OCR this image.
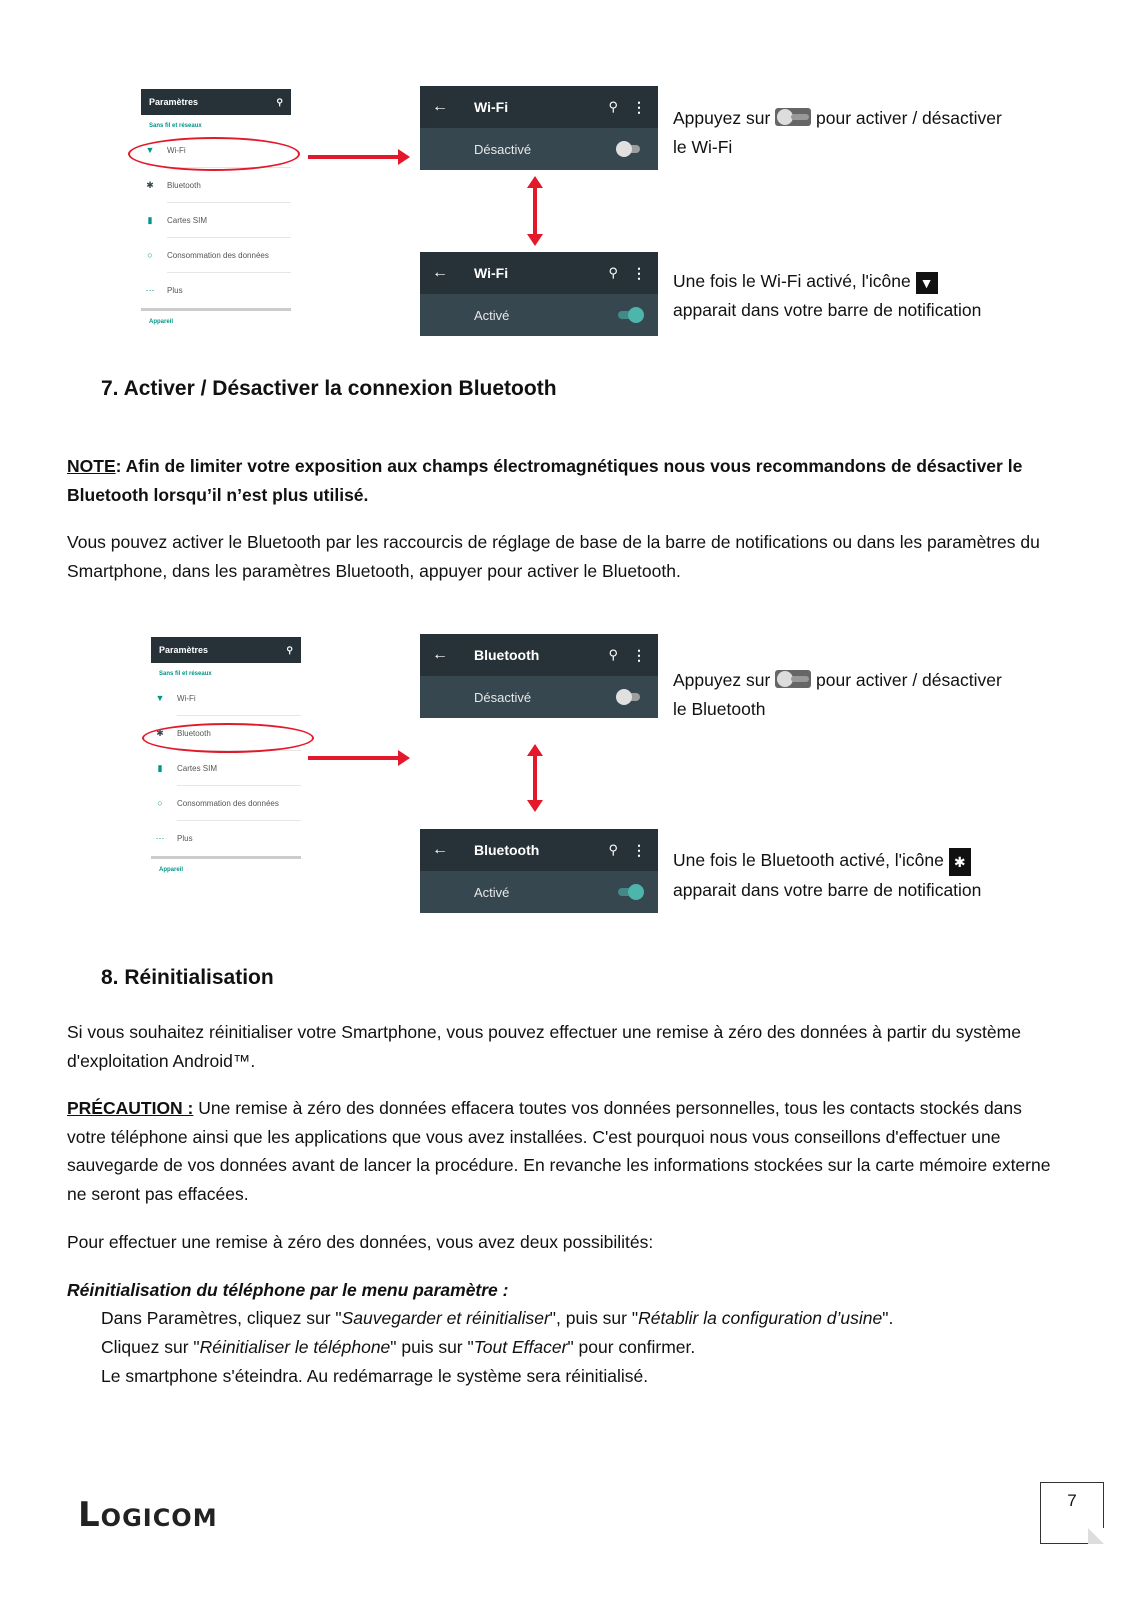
Paramètres	⚲
Sans fil et réseaux
▼ Wi-Fi
✱ Bluetooth
▮	Cartes SIM
○ Consommation des données
⋯ Plus
Appareil
← Wi-Fi	⚲ ⋮
Désactivé
← Wi-Fi	⚲ ⋮
Activé
Appuyez sur	pour activer / désactiver
le Wi-Fi
Une fois le Wi-Fi activé, l'icône ▼
apparait dans votre barre de notification
7. Activer / Désactiver la connexion Bluetooth
NOTE: Afin de limiter votre exposition aux champs électromagnétiques nous vous recommandons de désactiver le Bluetooth lorsqu’il n’est plus utilisé.
Vous pouvez activer le Bluetooth par les raccourcis de réglage de base de la barre de notifications ou dans les paramètres du Smartphone, dans les paramètres Bluetooth, appuyer pour activer le Bluetooth.
Paramètres	⚲
Sans fil et réseaux
▼ Wi-Fi
✱ Bluetooth
▮	Cartes SIM
○ Consommation des données
⋯ Plus
Appareil
← Bluetooth	⚲ ⋮
Désactivé
← Bluetooth	⚲ ⋮
Activé
Appuyez sur	pour activer / désactiver
le Bluetooth
Une fois le Bluetooth activé, l'icône ✱
apparait dans votre barre de notification
8. Réinitialisation
Si vous souhaitez réinitialiser votre Smartphone, vous pouvez effectuer une remise à zéro des données à partir du système d'exploitation Android™.
PRÉCAUTION : Une remise à zéro des données effacera toutes vos données personnelles, tous les contacts stockés dans votre téléphone ainsi que les applications que vous avez installées. C'est pourquoi nous vous conseillons d'effectuer une sauvegarde de vos données avant de lancer la procédure. En revanche les informations stockées sur la carte mémoire externe ne seront pas effacées.
Pour effectuer une remise à zéro des données, vous avez deux possibilités:
Réinitialisation du téléphone par le menu paramètre :
Dans Paramètres, cliquez sur "Sauvegarder et réinitialiser", puis sur "Rétablir la configuration d’usine".
Cliquez sur "Réinitialiser le téléphone" puis sur "Tout Effacer" pour confirmer.
Le smartphone s'éteindra. Au redémarrage le système sera réinitialisé.
Logicom	7
